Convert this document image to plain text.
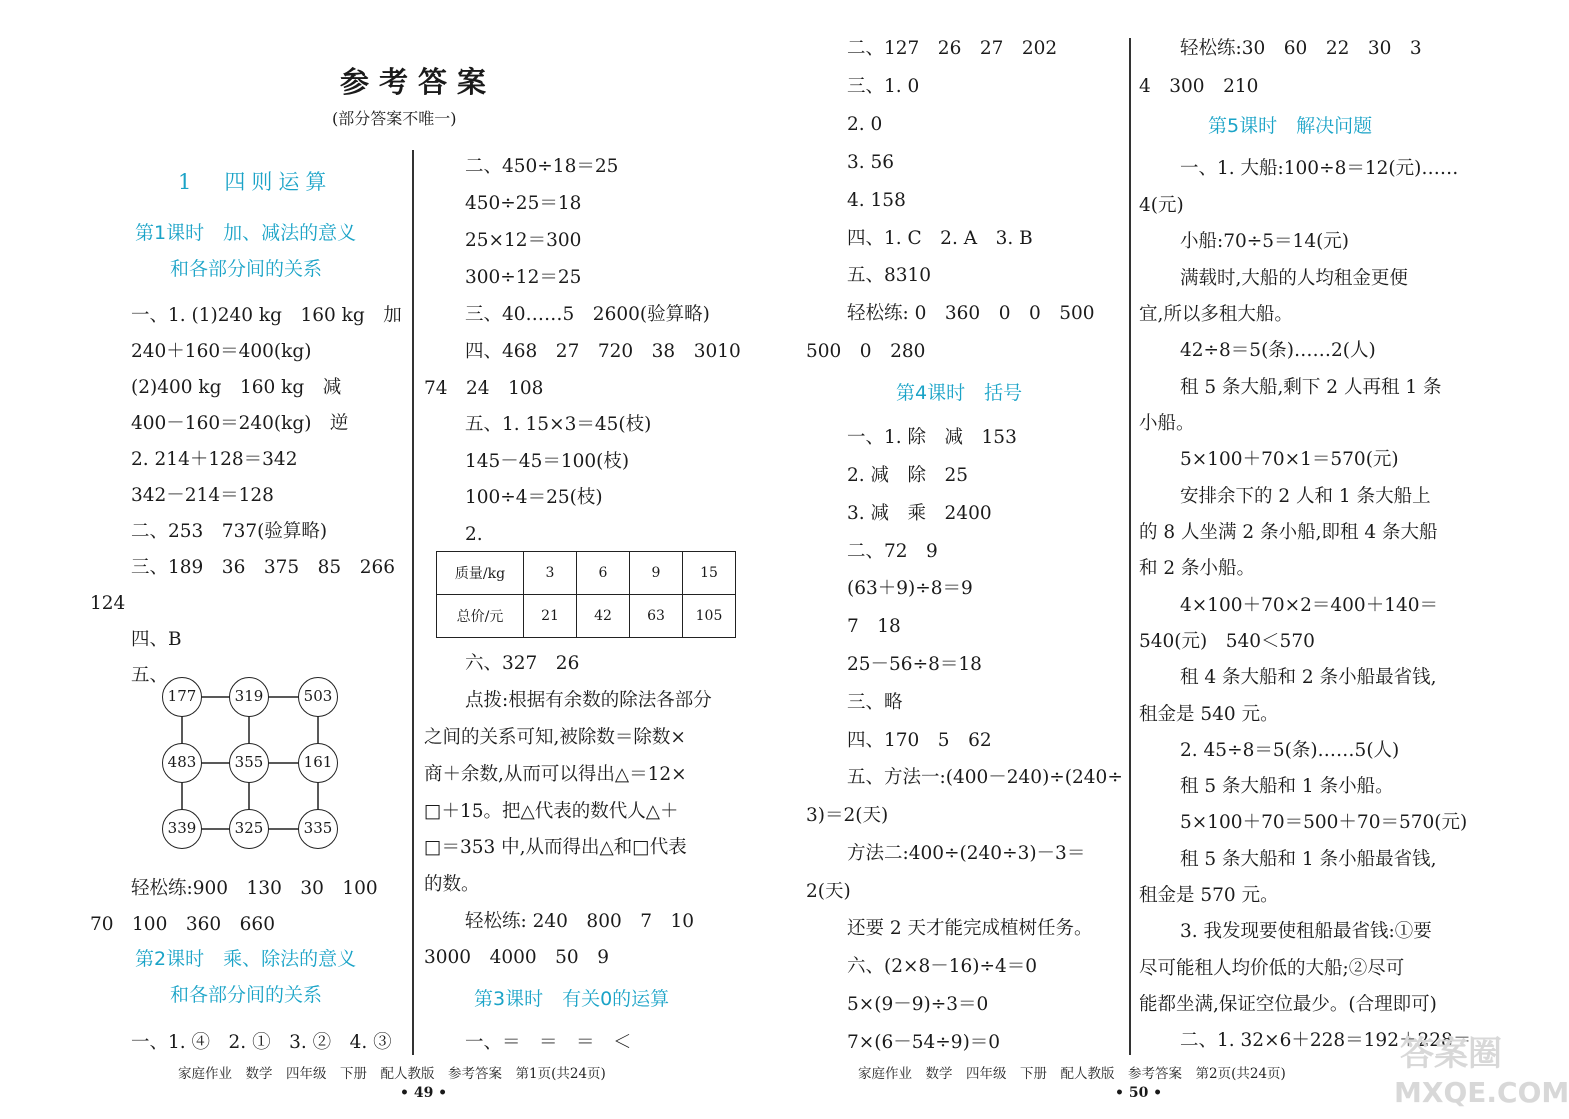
参考答案
(部分答案不唯一)
1　四则运算
第1课时　加、减法的意义
和各部分间的关系
一、1. (1)240 kg　160 kg　加
240＋160＝400(kg)
(2)400 kg　160 kg　减
400－160＝240(kg)　逆
2. 214＋128＝342
342－214＝128
二、253　737(验算略)
三、189　36　375　85　266
124
四、B
五、
177	319	503
483	355	161
339	325	335
轻松练:900　130　30　100
70　100　360　660
第2课时　乘、除法的意义
和各部分间的关系
一、1. ④　2. ①　3. ②　4. ③
二、450÷18＝25
450÷25＝18
25×12＝300
300÷12＝25
三、40……5　2600(验算略)
四、468　27　720　38　3010
74　24　108
五、1. 15×3＝45(枝)
145－45＝100(枝)
100÷4＝25(枝)
2.
质量/kg	3	6	9	15
总价/元	21	42	63	105
六、327　26
点拨:根据有余数的除法各部分
之间的关系可知,被除数＝除数×
商＋余数,从而可以得出△＝12×
□＋15。把△代表的数代人△＋
□＝353 中,从而得出△和□代表
的数。
轻松练: 240　800　7　10
3000　4000　50　9
第3课时　有关0的运算
一、＝　＝　＝　＜
二、127　26　27　202
三、1. 0
2. 0
3. 56
4. 158
四、1. C　2. A　3. B
五、8310
轻松练: 0　360　0　0　500
500　0　280
第4课时　括号
一、1. 除　减　153
2. 减　除　25
3. 减　乘　2400
二、72　9
(63＋9)÷8＝9
7　18
25－56÷8＝18
三、略
四、170　5　62
五、方法一:(400－240)÷(240÷
3)＝2(天)
方法二:400÷(240÷3)－3＝
2(天)
还要 2 天才能完成植树任务。
六、(2×8－16)÷4＝0
5×(9－9)÷3＝0
7×(6－54÷9)＝0
轻松练:30　60　22　30　3
4　300　210
第5课时　解决问题
一、1. 大船:100÷8＝12(元)……
4(元)
小船:70÷5＝14(元)
满载时,大船的人均租金更便
宜,所以多租大船。
42÷8＝5(条)……2(人)
租 5 条大船,剩下 2 人再租 1 条
小船。
5×100＋70×1＝570(元)
安排余下的 2 人和 1 条大船上
的 8 人坐满 2 条小船,即租 4 条大船
和 2 条小船。
4×100＋70×2＝400＋140＝
540(元)　540＜570
租 4 条大船和 2 条小船最省钱,
租金是 540 元。
2. 45÷8＝5(条)……5(人)
租 5 条大船和 1 条小船。
5×100＋70＝500＋70＝570(元)
租 5 条大船和 1 条小船最省钱,
租金是 570 元。
3. 我发现要使租船最省钱:①要
尽可能租人均价低的大船;②尽可
能都坐满,保证空位最少。(合理即可)
二、1. 32×6＋228＝192＋228＝
家庭作业　数学　四年级　下册　配人教版　参考答案　第1页(共24页)
• 49 •
家庭作业　数学　四年级　下册　配人教版　参考答案　第2页(共24页)
• 50 •
答案圈
MXQE.COM
